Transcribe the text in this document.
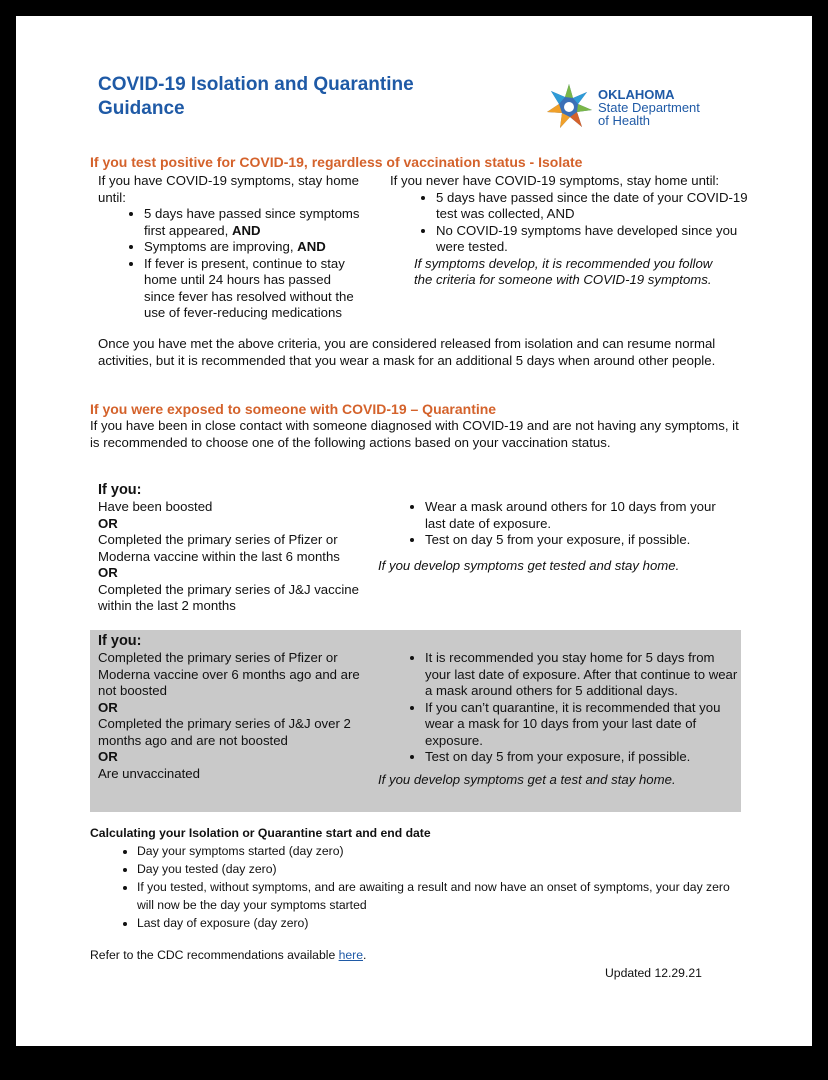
COVID-19 Isolation and Quarantine
Guidance
OKLAHOMA
State Department
of Health
If you test positive for COVID-19, regardless of vaccination status - Isolate
If you have COVID-19 symptoms, stay home until:
• 5 days have passed since symptoms first appeared, AND
• Symptoms are improving, AND
• If fever is present, continue to stay home until 24 hours has passed since fever has resolved without the use of fever-reducing medications
If you never have COVID-19 symptoms, stay home until:
• 5 days have passed since the date of your COVID-19 test was collected, AND
• No COVID-19 symptoms have developed since you were tested.
If symptoms develop, it is recommended you follow the criteria for someone with COVID-19 symptoms.
Once you have met the above criteria, you are considered released from isolation and can resume normal activities, but it is recommended that you wear a mask for an additional 5 days when around other people.
If you were exposed to someone with COVID-19 – Quarantine
If you have been in close contact with someone diagnosed with COVID-19 and are not having any symptoms, it is recommended to choose one of the following actions based on your vaccination status.
If you:
Have been boosted
OR
Completed the primary series of Pfizer or Moderna vaccine within the last 6 months
OR
Completed the primary series of J&J vaccine within the last 2 months
• Wear a mask around others for 10 days from your last date of exposure.
• Test on day 5 from your exposure, if possible.
If you develop symptoms get tested and stay home.
If you:
Completed the primary series of Pfizer or Moderna vaccine over 6 months ago and are not boosted
OR
Completed the primary series of J&J over 2 months ago and are not boosted
OR
Are unvaccinated
• It is recommended you stay home for 5 days from your last date of exposure. After that continue to wear a mask around others for 5 additional days.
• If you can’t quarantine, it is recommended that you wear a mask for 10 days from your last date of exposure.
• Test on day 5 from your exposure, if possible.
If you develop symptoms get a test and stay home.
Calculating your Isolation or Quarantine start and end date
• Day your symptoms started (day zero)
• Day you tested (day zero)
• If you tested, without symptoms, and are awaiting a result and now have an onset of symptoms, your day zero will now be the day your symptoms started
• Last day of exposure (day zero)
Refer to the CDC recommendations available here.
Updated 12.29.21
